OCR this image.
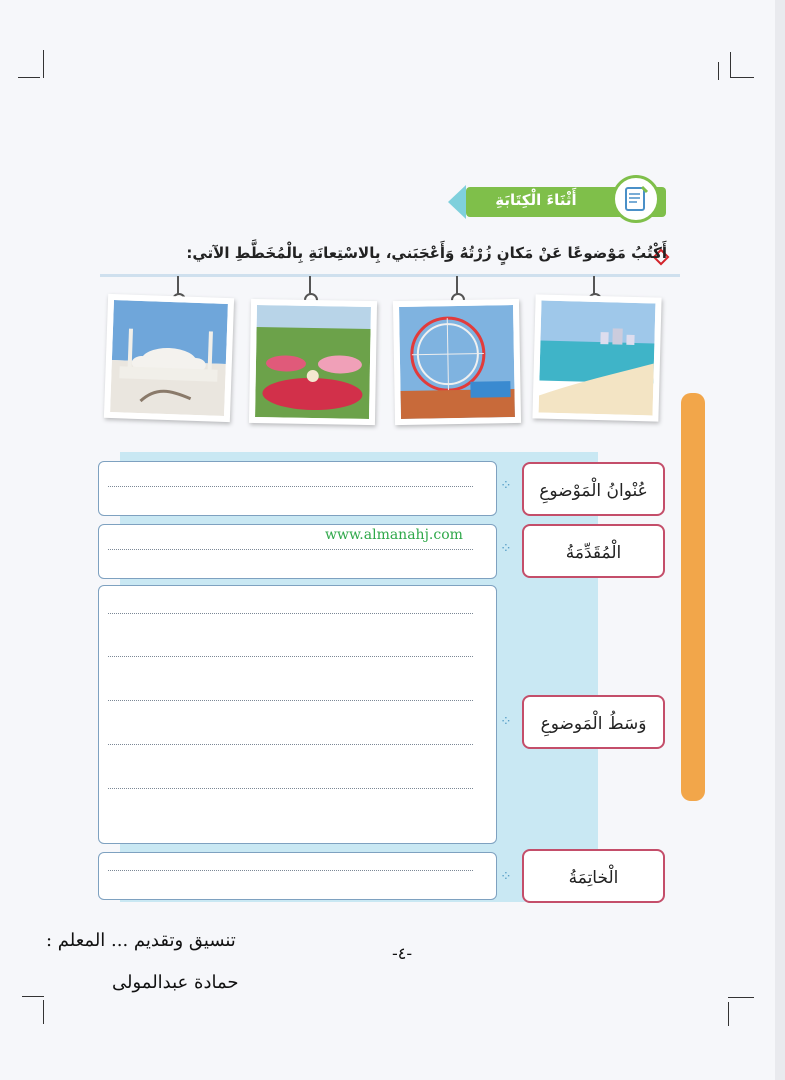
أَثْنَاءَ الْكِتَابَةِ
أَكْتُبُ مَوْضوعًا عَنْ مَكانٍ زُرْتُهُ وَأَعْجَبَني، بِالاسْتِعانَةِ بِالْمُخَطَّطِ الآتي:
⁘
⁘
⁘
⁘
عُنْوانُ الْمَوْضوعِ
الْمُقَدِّمَةُ
وَسَطُ الْمَوضوعِ
الْخاتِمَةُ
www.almanahj.com
-٤-
تنسيق وتقديم ... المعلم :
حمادة عبدالمولى
